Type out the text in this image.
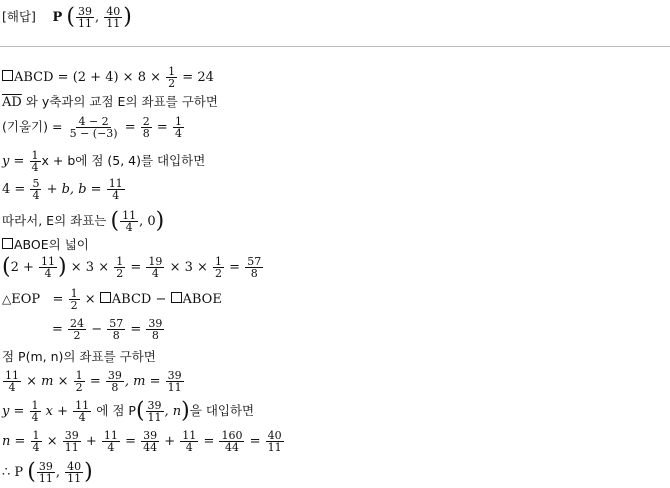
[해답] P ( $\frac{39}{11}$ , $\frac{40}{11}$ )
ABCD = $(2 + 4) \times 8 \times \frac{1}{2} = 24$
$\overline{AD}$ 와 y축과의 교점 E의 좌표를 구하면
(기울기) = $\frac{4 - 2}{5 - (-3)} = \frac{2}{8} = \frac{1}{4}$
$y = \frac{1}{4}$ x + b에 점 (5, 4)를 대입하면
$4 = \frac{5}{4} + b$, $b = \frac{11}{4}$
따라서, E의 좌표는 ( $\frac{11}{4}$ , 0)
ABOE의 넓이
($2 + \frac{11}{4}$ ) × $3 \times \frac{1}{2} = \frac{19}{4} \times 3 \times \frac{1}{2} = \frac{57}{8}$
△EOP = $\frac{1}{2}$ × ABCD − ABOE
= $\frac{24}{2} - \frac{57}{8} = \frac{39}{8}$
점 P(m, n)의 좌표를 구하면
$\frac{11}{4} \times m \times \frac{1}{2} = \frac{39}{8}$ , $m = \frac{39}{11}$
$y = \frac{1}{4}$ $x + \frac{11}{4}$ 에 점 $P( \frac{39}{11}$ , n)을 대입하면
$n = \frac{1}{4} \times \frac{39}{11} + \frac{11}{4} = \frac{39}{44} + \frac{11}{4} = \frac{160}{44} = \frac{40}{11}$
∴ P ( $\frac{39}{11}$ , $\frac{40}{11}$ )
